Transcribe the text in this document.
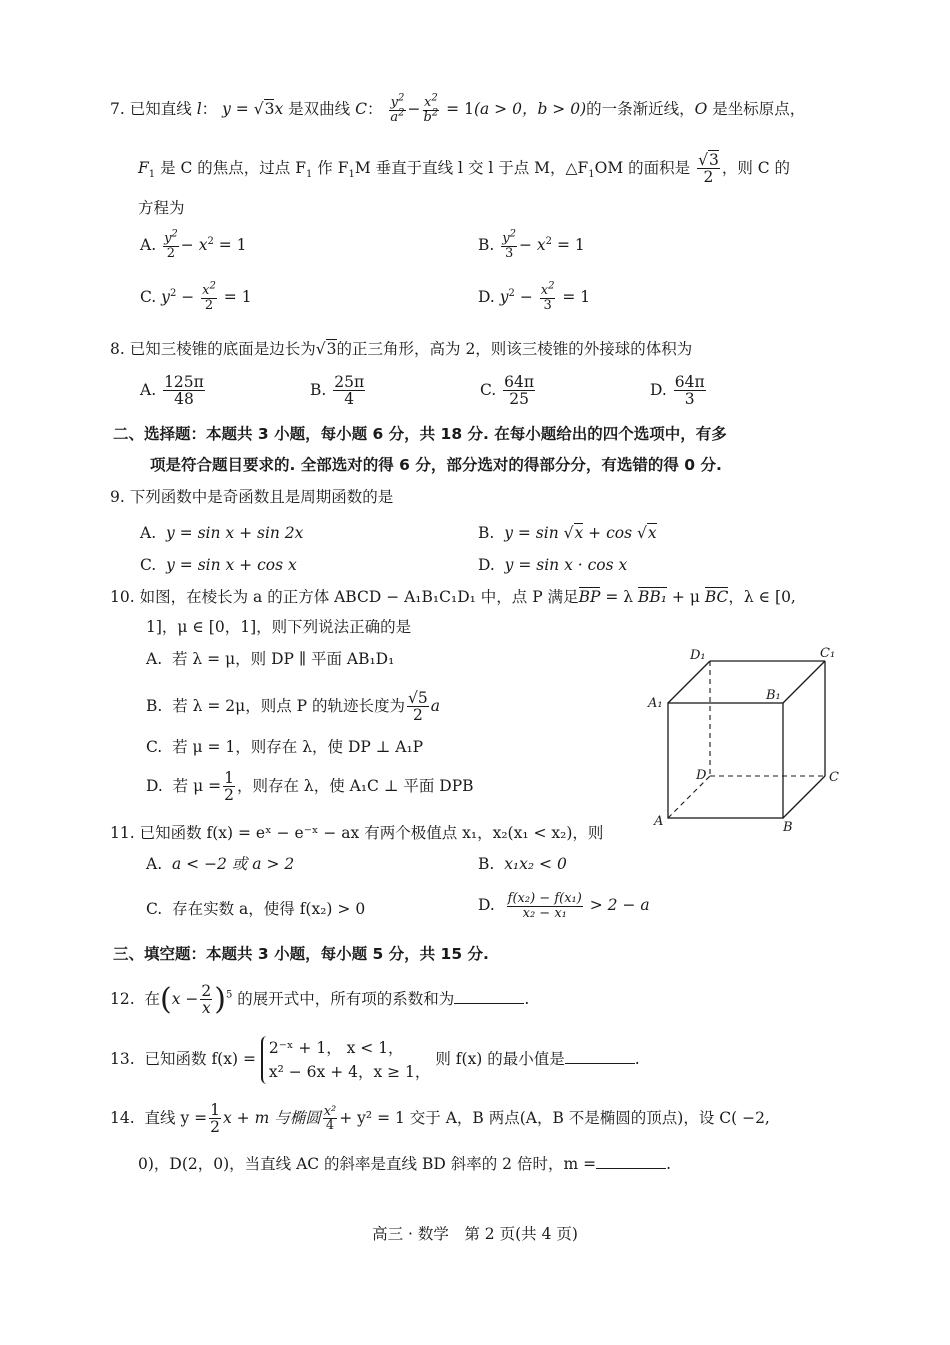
7. 已知直线 l： y = √3x 是双曲线 C： $\frac{y^2}{a^2} - \frac{x^2}{b^2} = 1(a > 0$，b > 0)的一条渐近线，O 是坐标原点，
$F_1$ 是 C 的焦点，过点 $F_1$ 作 $F_1M$ 垂直于直线 l 交 l 于点 M，$\triangle F_1OM$ 的面积是 $\frac{√3}{2}$ ，则 C 的
方程为
A. $\frac{y^2}{2} - x^2 = 1$	B. $\frac{y^2}{3} - x^2 = 1$
C. $y^2 - \frac{x^2}{2} = 1$	D. $y^2 - \frac{x^2}{3} = 1$
8. 已知三棱锥的底面是边长为√3的正三角形，高为 2，则该三棱锥的外接球的体积为
A. $\frac{125\pi}{48}$	B. $\frac{25\pi}{4}$	C. $\frac{64\pi}{25}$	D. $\frac{64\pi}{3}$
二、选择题：本题共 3 小题，每小题 6 分，共 18 分. 在每小题给出的四个选项中，有多
项是符合题目要求的. 全部选对的得 6 分，部分选对的得部分分，有选错的得 0 分.
9. 下列函数中是奇函数且是周期函数的是
A. y = sin x + sin 2x	B. y = sin √x + cos √x
C. y = sin x + cos x	D. y = sin x · cos x
10. 如图，在棱长为 a 的正方体 ABCD − A₁B₁C₁D₁ 中，点 P 满足BP = λ BB₁ + μ BC，λ ∈ [0,
1]，μ ∈ [0，1]，则下列说法正确的是
A. 若 λ = μ，则 DP ∥ 平面 AB₁D₁
B. 若 λ = 2μ，则点 P 的轨迹长度为 $\frac{√5}{2}$ a
C. 若 μ = 1，则存在 λ，使 DP ⊥ A₁P
D. 若 $\mu = \frac{1}{2}$ ，则存在 λ，使 A₁C ⊥ 平面 DPB
D₁	C₁
A₁
B₁
D	C
A	B
11. 已知函数 f(x) = eˣ − e⁻ˣ − ax 有两个极值点 x₁，x₂(x₁ < x₂)，则
A. a < −2 或 a > 2	B. x₁x₂ < 0
C. 存在实数 a，使得 f(x₂) > 0	D. $\frac{\text{f(x₂) − f(x₁)}}{\text{x₂ − x₁}} > 2 - a$
三、填空题：本题共 3 小题，每小题 5 分，共 15 分.
12. 在$(x - \frac{2}{x} )^5$ 的展开式中，所有项的系数和为	.
13. 已知函数 f(x) =
2⁻ˣ + 1， x < 1，
x² − 6x + 4，x ≥ 1，
则 f(x) 的最小值是	.
14. 直线 $y = \frac{1}{2}$ x + m 与椭圆 $\frac{\text{x²}}{4} + y^2 = 1$ 交于 A，B 两点(A，B 不是椭圆的顶点)，设 C( −2,
0)，D(2，0)，当直线 AC 的斜率是直线 BD 斜率的 2 倍时，m =	.
高三 · 数学　第 2 页(共 4 页)
